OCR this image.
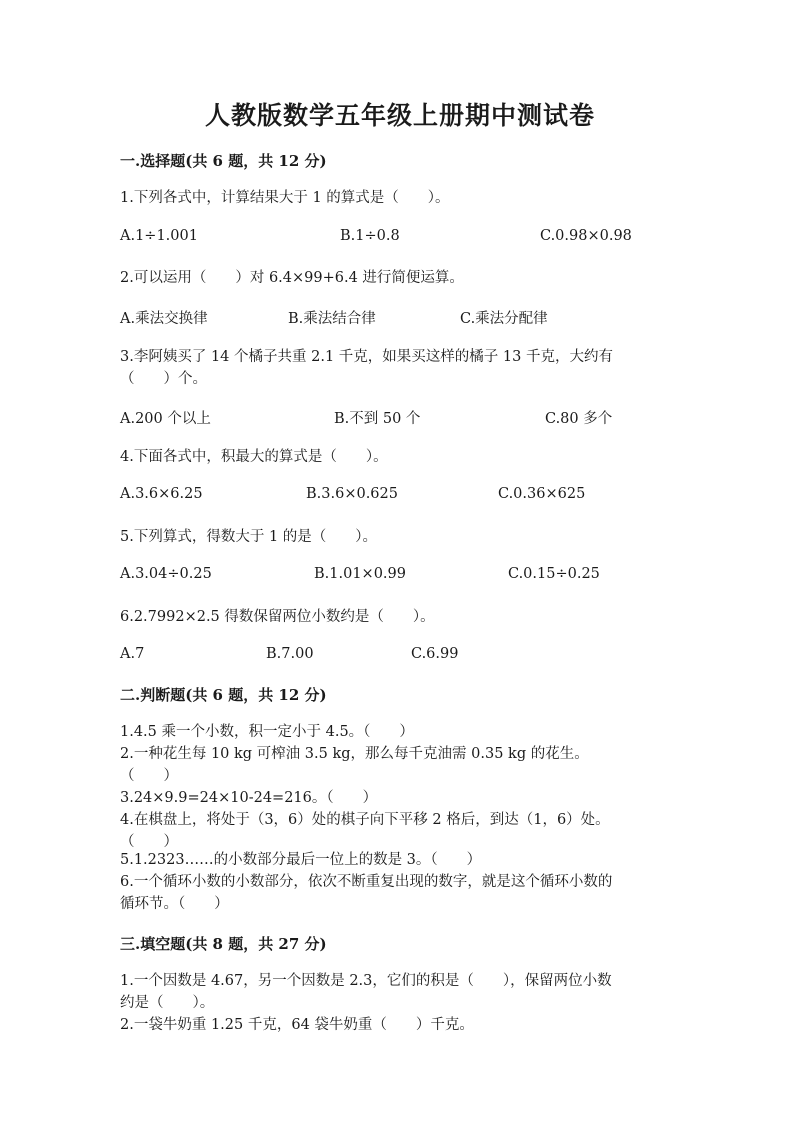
人教版数学五年级上册期中测试卷
一.选择题(共 6 题，共 12 分)
1.下列各式中，计算结果大于 1 的算式是（　　）。
A.1÷1.001	B.1÷0.8	C.0.98×0.98
2.可以运用（　　）对 6.4×99+6.4 进行简便运算。
A.乘法交换律	B.乘法结合律	C.乘法分配律
3.李阿姨买了 14 个橘子共重 2.1 千克，如果买这样的橘子 13 千克，大约有
（　　）个。
A.200 个以上	B.不到 50 个	C.80 多个
4.下面各式中，积最大的算式是（　　）。
A.3.6×6.25	B.3.6×0.625	C.0.36×625
5.下列算式，得数大于 1 的是（　　）。
A.3.04÷0.25	B.1.01×0.99	C.0.15÷0.25
6.2.7992×2.5 得数保留两位小数约是（　　）。
A.7	B.7.00	C.6.99
二.判断题(共 6 题，共 12 分)
1.4.5 乘一个小数，积一定小于 4.5。（　　）
2.一种花生每 10 kg 可榨油 3.5 kg，那么每千克油需 0.35 kg 的花生。
（　　）
3.24×9.9=24×10-24=216。（　　）
4.在棋盘上，将处于（3，6）处的棋子向下平移 2 格后，到达（1，6）处。
（　　）
5.1.2323……的小数部分最后一位上的数是 3。（　　）
6.一个循环小数的小数部分，依次不断重复出现的数字，就是这个循环小数的
循环节。（　　）
三.填空题(共 8 题，共 27 分)
1.一个因数是 4.67，另一个因数是 2.3，它们的积是（　　），保留两位小数
约是（　　）。
2.一袋牛奶重 1.25 千克，64 袋牛奶重（　　）千克。
